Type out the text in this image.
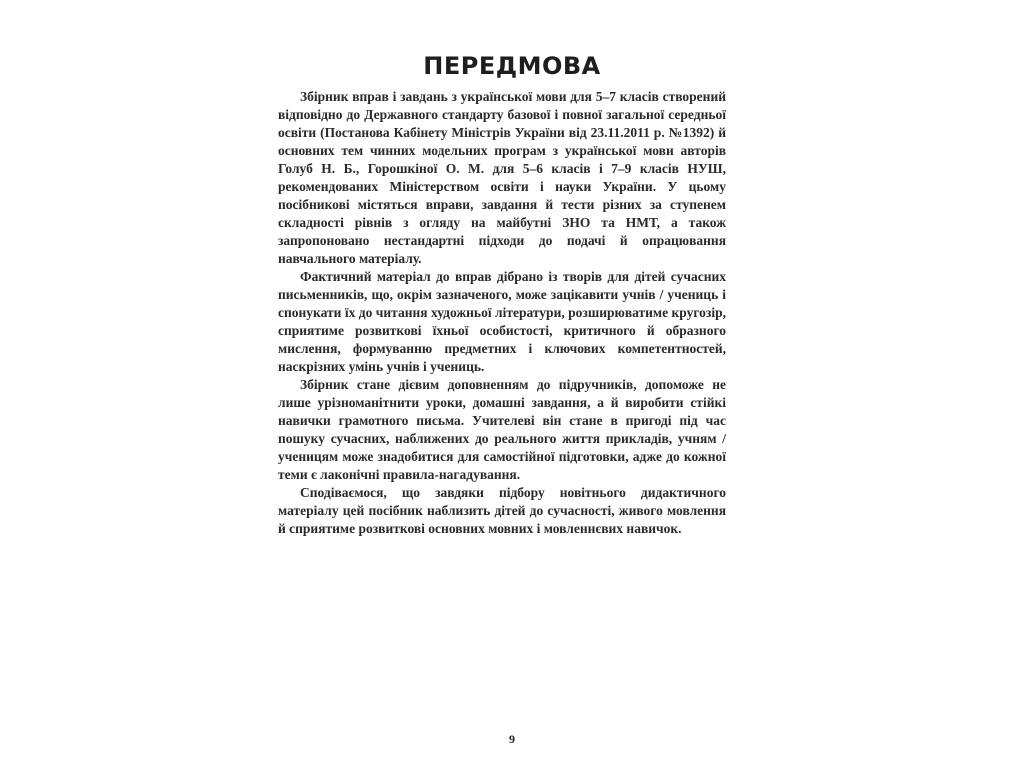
ПЕРЕДМОВА

Збірник вправ і завдань з української мови для 5–7 класів створений відповідно до Державного стандарту базової і повної загальної середньої освіти (Постанова Кабінету Міністрів України від 23.11.2011 р. №1392) й основних тем чинних модельних програм з української мови авторів Голуб Н. Б., Горошкіної О. М. для 5–6 класів і 7–9 класів НУШ, рекомендованих Міністерством освіти і науки України. У цьому посібникові містяться вправи, завдання й тести різних за ступенем складності рівнів з огляду на майбутні ЗНО та НМТ, а також запропоновано нестандартні підходи до подачі й опрацювання навчального матеріалу.

Фактичний матеріал до вправ дібрано із творів для дітей сучасних письменників, що, окрім зазначеного, може зацікавити учнів / учениць і спонукати їх до читання художньої літератури, розширюватиме кругозір, сприятиме розвиткові їхньої особистості, критичного й образного мислення, формуванню предметних і ключових компетентностей, наскрізних умінь учнів і учениць.

Збірник стане дієвим доповненням до підручників, допоможе не лише урізноманітнити уроки, домашні завдання, а й виробити стійкі навички грамотного письма. Учителеві він стане в пригоді під час пошуку сучасних, наближених до реального життя прикладів, учням / ученицям може знадобитися для самостійної підготовки, адже до кожної теми є лаконічні правила-нагадування.

Сподіваємося, що завдяки підбору новітнього дидактичного матеріалу цей посібник наблизить дітей до сучасності, живого мовлення й сприятиме розвиткові основних мовних і мовленнєвих навичок.

9
